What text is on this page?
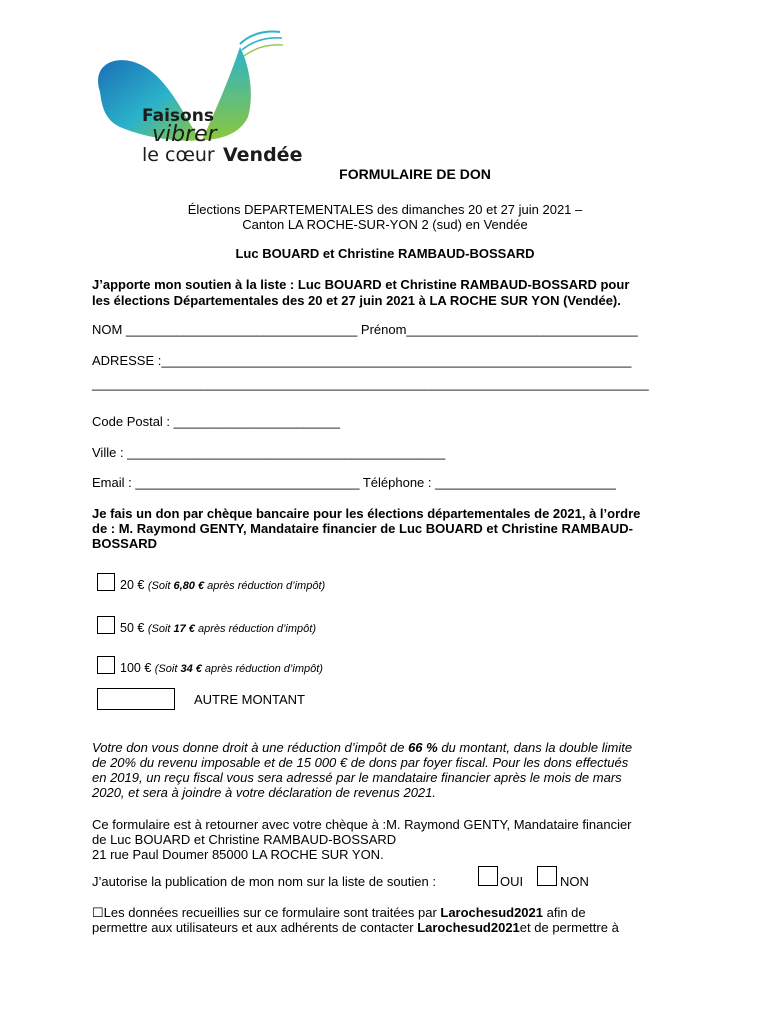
Faisons
vibrer
le cœur Vendée
FORMULAIRE DE DON
Élections DEPARTEMENTALES des dimanches 20 et 27 juin 2021 –
Canton LA ROCHE-SUR-YON 2 (sud) en Vendée
Luc BOUARD et Christine RAMBAUD-BOSSARD
J’apporte mon soutien à la liste : Luc BOUARD et Christine RAMBAUD-BOSSARD pour
les élections Départementales des 20 et 27 juin 2021 à LA ROCHE SUR YON (Vendée).
NOM ________________________________ Prénom________________________________
ADRESSE :_________________________________________________________________
_____________________________________________________________________________
Code Postal : _______________________
Ville : ____________________________________________
Email : _______________________________ Téléphone : _________________________
Je fais un don par chèque bancaire pour les élections départementales de 2021, à l’ordre
de : M. Raymond GENTY, Mandataire financier de Luc BOUARD et Christine RAMBAUD-
BOSSARD
20 € (Soit 6,80 € après réduction d’impôt)
50 € (Soit 17 € après réduction d’impôt)
100 € (Soit 34 € après réduction d’impôt)
AUTRE MONTANT
Votre don vous donne droit à une réduction d’impôt de 66 % du montant, dans la double limite
de 20% du revenu imposable et de 15 000 € de dons par foyer fiscal. Pour les dons effectués
en 2019, un reçu fiscal vous sera adressé par le mandataire financier après le mois de mars
2020, et sera à joindre à votre déclaration de revenus 2021.
Ce formulaire est à retourner avec votre chèque à :M. Raymond GENTY, Mandataire financier
de Luc BOUARD et Christine RAMBAUD-BOSSARD
21 rue Paul Doumer 85000 LA ROCHE SUR YON.
J’autorise la publication de mon nom sur la liste de soutien :	OUI	NON
☐Les données recueillies sur ce formulaire sont traitées par Larochesud2021 afin de
permettre aux utilisateurs et aux adhérents de contacter Larochesud2021et de permettre à
